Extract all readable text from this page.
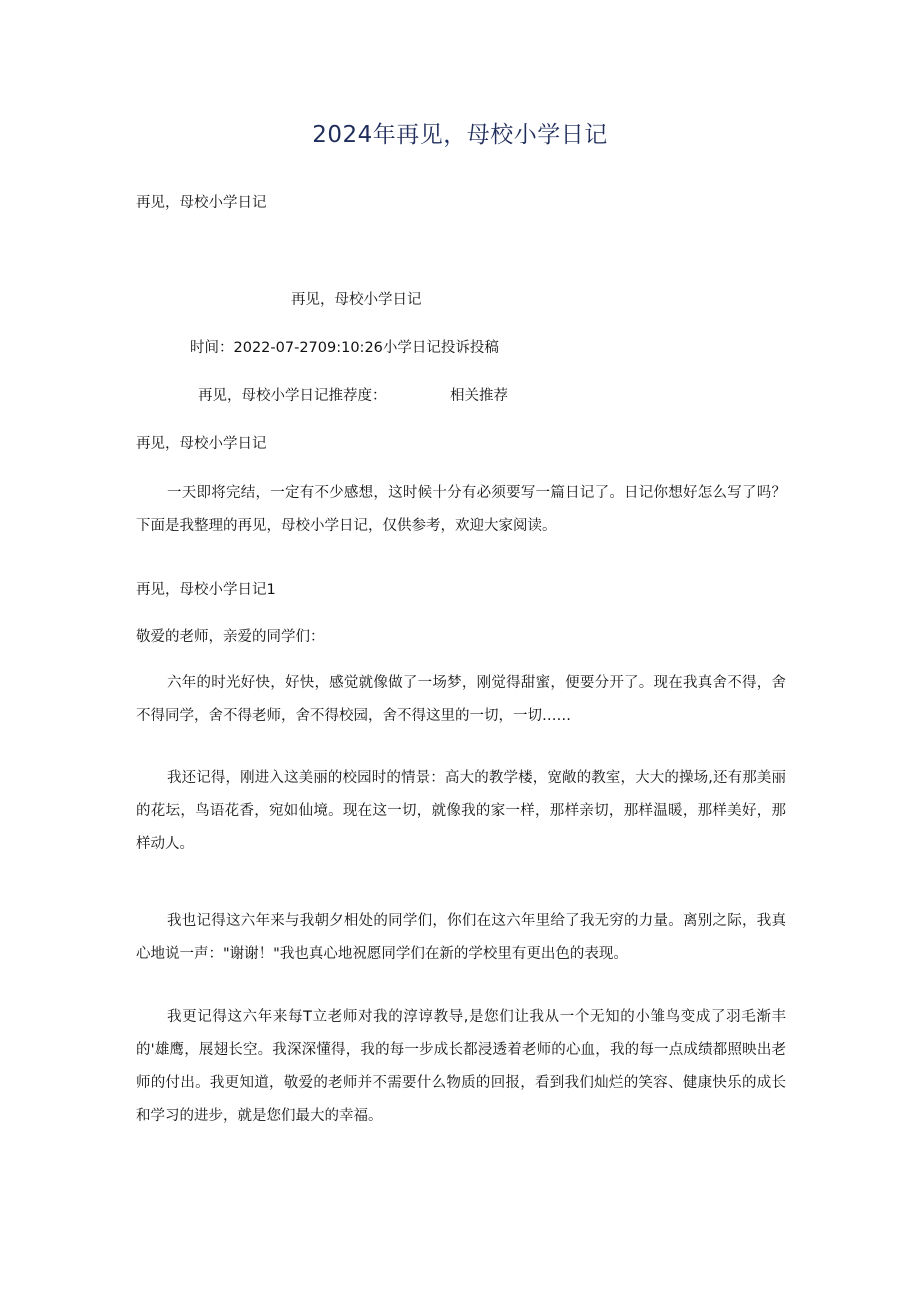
2024年再见，母校小学日记
再见，母校小学日记
再见，母校小学日记
时间：2022-07-2709:10:26小学日记投诉投稿
再见，母校小学日记推荐度：	相关推荐
再见，母校小学日记
一天即将完结，一定有不少感想，这时候十分有必须要写一篇日记了。日记你想好怎么写了吗？下面是我整理的再见，母校小学日记，仅供参考，欢迎大家阅读。
再见，母校小学日记1
敬爱的老师，亲爱的同学们：
六年的时光好快，好快，感觉就像做了一场梦，刚觉得甜蜜，便要分开了。现在我真舍不得，舍不得同学，舍不得老师，舍不得校园，舍不得这里的一切，一切……
我还记得，刚进入这美丽的校园时的情景：高大的教学楼，宽敞的教室，大大的操场,还有那美丽的花坛，鸟语花香，宛如仙境。现在这一切，就像我的家一样，那样亲切，那样温暖，那样美好，那样动人。
我也记得这六年来与我朝夕相处的同学们，你们在这六年里给了我无穷的力量。离别之际，我真心地说一声："谢谢！"我也真心地祝愿同学们在新的学校里有更出色的表现。
我更记得这六年来每T立老师对我的淳谆教导,是您们让我从一个无知的小雏鸟变成了羽毛渐丰的'雄鹰，展翅长空。我深深懂得，我的每一步成长都浸透着老师的心血，我的每一点成绩都照映出老师的付出。我更知道，敬爱的老师并不需要什么物质的回报，看到我们灿烂的笑容、健康快乐的成长和学习的进步，就是您们最大的幸福。
